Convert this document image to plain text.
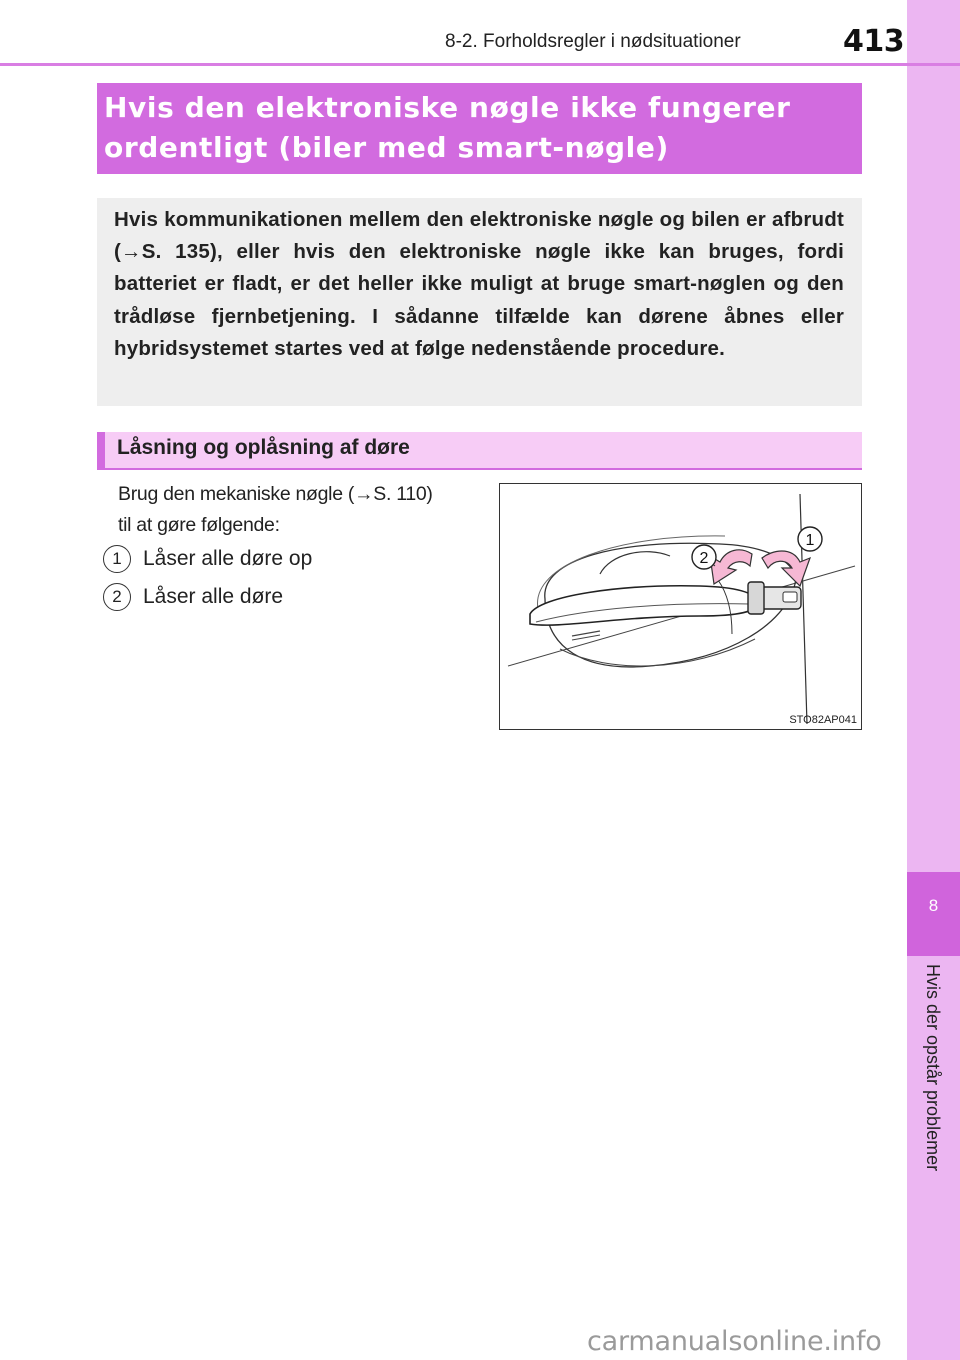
8
Hvis der opstår problemer
8-2. Forholdsregler i nødsituationer	413
Hvis den elektroniske nøgle ikke fungerer
ordentligt (biler med smart-nøgle)
Hvis kommunikationen mellem den elektroniske nøgle og bilen er afbrudt (→S. 135), eller hvis den elektroniske nøgle ikke kan bruges, fordi batteriet er fladt, er det heller ikke muligt at bruge smart-nøglen og den trådløse fjernbetjening. I sådanne tilfælde kan dørene åbnes eller hybridsystemet startes ved at følge nedenstående procedure.
Låsning og oplåsning af døre
Brug den mekaniske nøgle (→S. 110)
til at gøre følgende:
1	Låser alle døre op
2	Låser alle døre
2
1
STO82AP041
carmanualsonline.info
